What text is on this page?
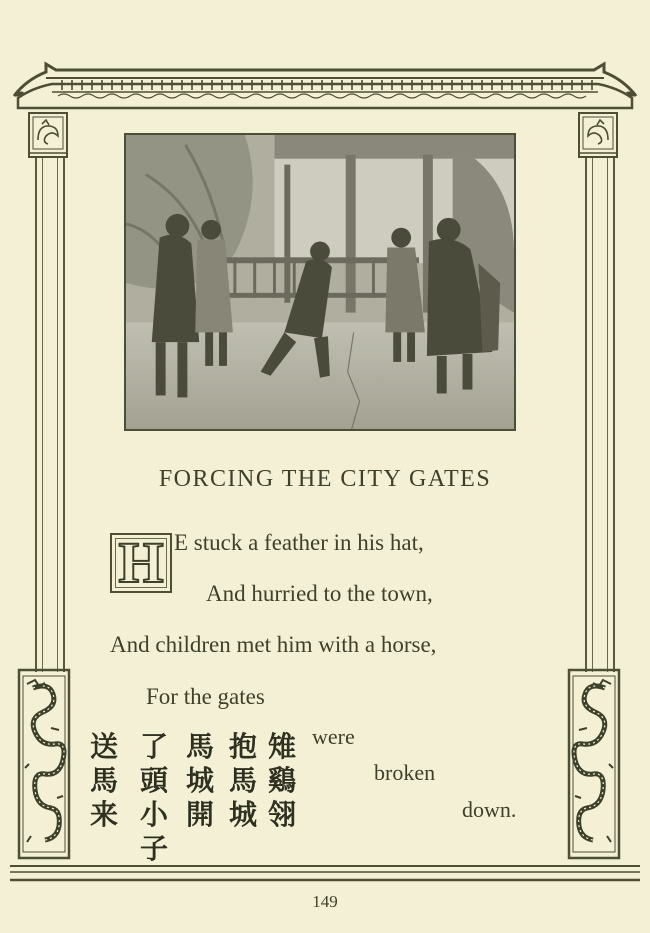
FORCING THE CITY GATES
H E stuck a feather in his hat,
And hurried to the town,
And children met him with a horse,
For the gates
were
broken
down.
雉
鷄
翎
抱
馬
城
馬
城
開
了
頭
小
子
送
馬
来
149
